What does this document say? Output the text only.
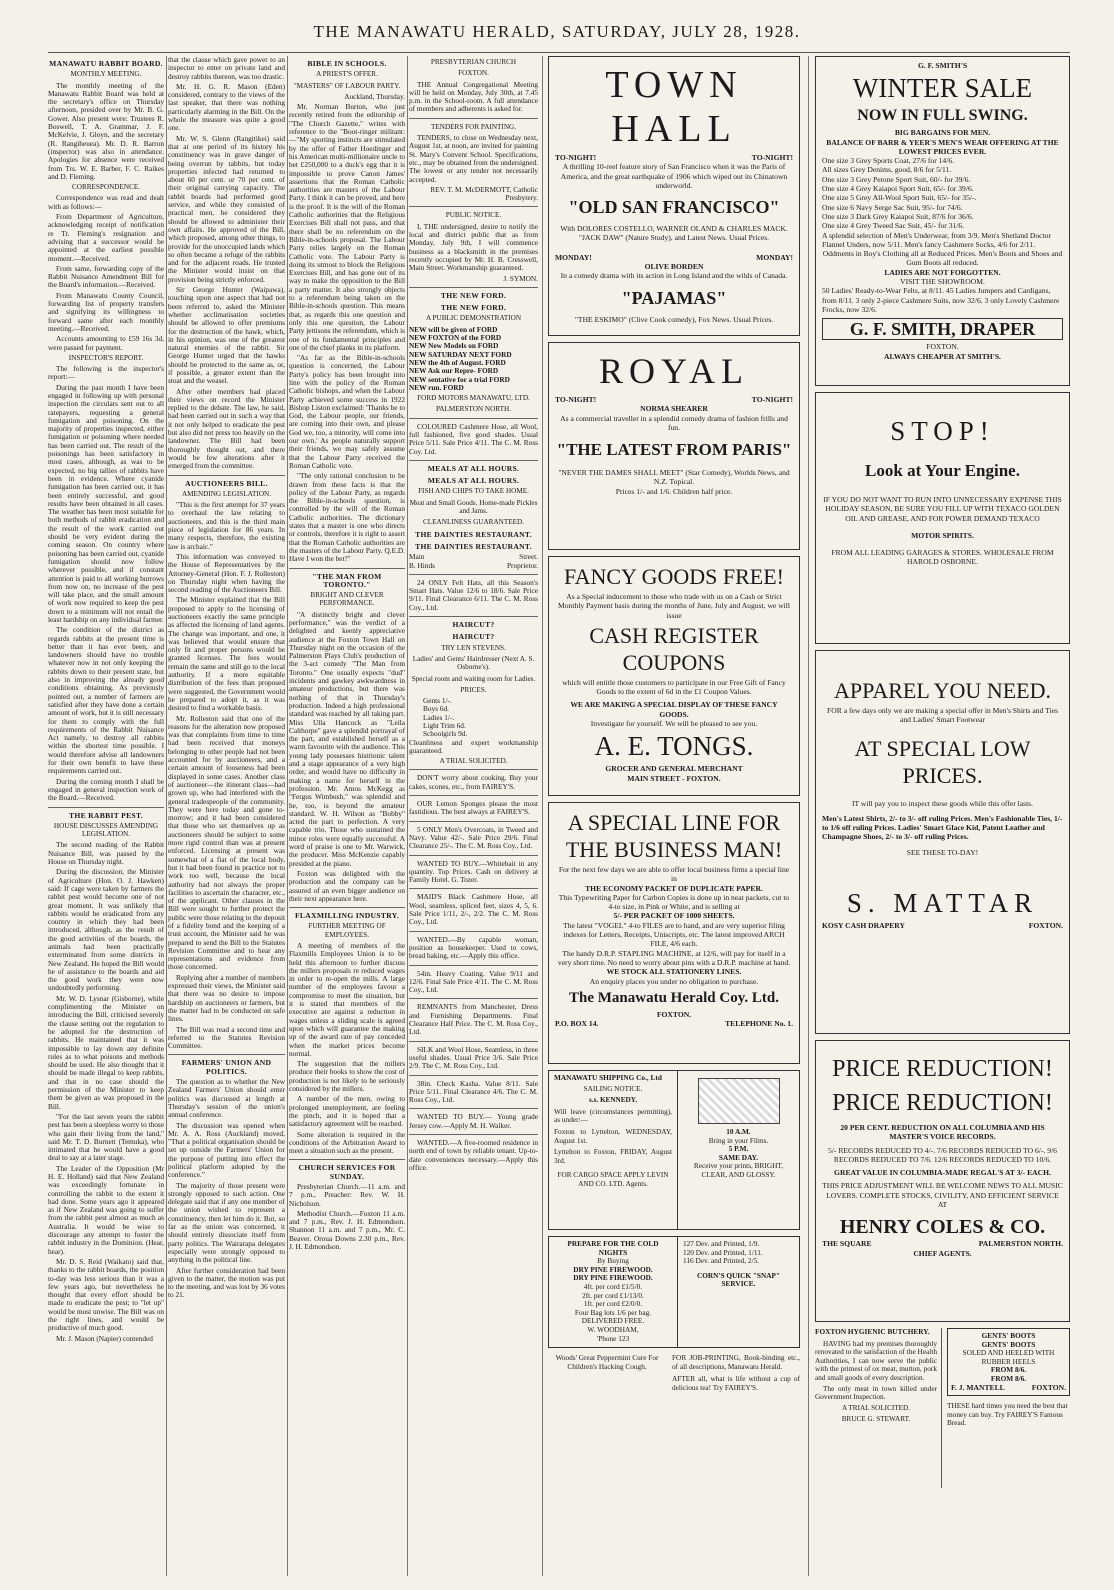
THE MANAWATU HERALD, SATURDAY, JULY 28, 1928.
MANAWATU RABBIT BOARD.
MONTHLY MEETING.

The monthly meeting of the Manawatu Rabbit Board was held at the secretary's office on Thursday afternoon, presided over by Mr. B. G. Gower. Also present were: Trustees R. Boswell, T. A. Grammar, J. F. McKelvie, J. Gloyn, and the secretary (R. Rangiheuea). Mr. D. R. Barron (inspector) was also in attendance. Apologies for absence were received from Trs. W. E. Barber, F. C. Raikes and D. Fleming.

CORRESPONDENCE.

Correspondence was read and dealt with as follows:—

From Department of Agriculture, acknowledging receipt of notification re Tr. Fleming's resignation and advising that a successor would be appointed at the earliest possible moment.—Received.

From same, forwarding copy of the Rabbit Nuisance Amendment Bill for the Board's information.—Received.

From Manawatu County Council, forwarding list of property transfers and signifying its willingness to forward same after each monthly meeting.—Received.

Accounts amounting to £59 16s 3d, were passed for payment.

INSPECTOR'S REPORT.

The following is the inspector's report:—

During the past month I have been engaged in following up with personal inspection the circulars sent out to all ratepayers, requesting a general fumigation and poisoning. On the majority of properties inspected, either fumigation or poisoning where needed has been carried out. The result of the poisonings has been satisfactory in most cases, although, as was to be expected, no big tallies of rabbits have been in evidence. Where cyanide fumigation has been carried out, it has been entirely successful, and good results have been obtained in all cases. The weather has been most suitable for both methods of rabbit eradication and the result of the work carried out should be very evident during the coming season. On country where poisoning has been carried out, cyanide fumigation should now follow wherever possible, and if constant attention is paid to all working burrows from now on, no increase of the pest will take place, and the small amount of work now required to keep the pest down to a minimum will not entail the least hardship on any individual farmer.

The condition of the district as regards rabbits at the present time is better than it has ever been, and landowners should have no trouble whatever now in not only keeping the rabbits down to their present state, but also in improving the already good conditions obtaining. As previously pointed out, a number of farmers are satisfied after they have done a certain amount of work, but it is still necessary for them to comply with the full requirements of the Rabbit Nuisance Act namely, to destroy all rabbits within the shortest time possible. I would therefore advise all landowners for their own benefit to have these requirements carried out.

During the coming month I shall be engaged in general inspection work of the Board.—Received.

THE RABBIT PEST.
HOUSE DISCUSSES AMENDING LEGISLATION.

The second reading of the Rabbit Nuisance Bill, was passed by the House on Thursday night.

During the discussion, the Minister of Agriculture (Hon. O. J. Hawken) said: If cage were taken by farmers the rabbit pest would become one of not great moment. It was unlikely that rabbits would be eradicated from any country in which they had been introduced, although, as the result of the good activities of the boards, the animals had been practically exterminated from some districts in New Zealand. He hoped the Bill would be of assistance to the boards and aid the good work they were now undoubtedly performing.

Mr. W. D. Lysnar (Gisborne), while complimenting the Minister on introducing the Bill, criticised severely the clause setting out the regulation to be adopted for the destruction of rabbits. He maintained that it was impossible to lay down any definite rules as to what poisons and methods should be used. He also thought that it should be made illegal to keep rabbits, and that in no case should the permission of the Minister to keep them be given as was proposed in the Bill.

"For the last seven years the rabbit pest has been a sleepless worry to those who gain their living from the land," said Mr. T. D. Burnett (Temuka), who intimated that he would have a good deal to say at a later stage.

The Leader of the Opposition (Mr H. E. Holland) said that New Zealand was exceedingly fortunate in controlling the rabbit to the extent it had done. Some years ago it appeared as if New Zealand was going to suffer from the rabbit pest almost as much as Australia. It would be wise to discourage any attempt to foster the rabbit industry in the Dominion. (Hear, hear).

Mr. D. S. Reid (Waikato) said that, thanks to the rabbit boards, the position to-day was less serious than it was a few years ago, but nevertheless he thought that every effort should be made to eradicate the pest; to "let up" would be most unwise. The Bill was on the right lines, and would be productive of much good.

Mr. J. Mason (Napier) contended

that the clause which gave power to an inspector to enter on private land and destroy rabbits thereon, was too drastic.

Mr. H. G. R. Mason (Eden) considered, contrary to the views of the last speaker, that there was nothing particularly alarming in the Bill. On the whole the measure was quite a good one.

Mr. W. S. Glenn (Rangitikei) said that at one period of its history his constituency was in grave danger of being overrun by rabbits, but today properties infected had returned to about 60 per cent. or 70 per cent. of their original carrying capacity. The rabbit boards had performed good service, and while they consisted of practical men, he considered they should be allowed to administer their own affairs. He approved of the Bill, which proposed, among other things, to provide for the unoccupied lands which so often became a refuge of the rabbits and for the adjacent roads. He trusted the Minister would insist on that provision being strictly enforced.

Sir George Hunter (Waipawa), touching upon one aspect that had not been referred to, asked the Minister whether acclimatisation societies should be allowed to offer premiums for the destruction of the hawk, which, in his opinion, was one of the greatest natural enemies of the rabbit. Sir George Hunter urged that the hawks should be protected to the same as, or, if possible, a greater extent than the stoat and the weasel.

After other members had placed their views on record the Minister replied to the debate. The law, he said, had been carried out in such a way that it not only helped to eradicate the pest but also did not press too heavily on the landowner. The Bill had been thoroughly thought out, and there would be few alterations after it emerged from the committee.

AUCTIONEERS BILL.
AMENDING LEGISLATION.

"This is the first attempt for 37 years to overhaul the law relating to auctioneers, and this is the third main piece of legislation for 86 years. In many respects, therefore, the existing law is archaic."

This information was conveyed to the House of Representatives by the Attorney-General (Hon. F. J. Rolleston) on Thursday night when having the second reading of the Auctioneers Bill.

The Minister explained that the Bill proposed to apply to the licensing of auctioneers exactly the same principle as affected the licensing of land agents. The change was important, and one, it was believed that would ensure that only fit and proper persons would be granted licenses. The fees would remain the same and still go to the local authority. If a more equitable distribution of the fees than proposed were suggested, the Government would be prepared to adopt it, as it was desired to find a workable basis.

Mr. Rolleston said that one of the reasons for the alteration now proposed was that complaints from time to time had been received that moneys belonging to other people had not been accounted for by auctioneers, and a certain amount of looseness had been displayed in some cases. Another class of auctioneer—the itinerant class—had grown up, who had interfered with the general tradespeople of the community. They were here today and gone to-morrow; and it had been considered that those who set themselves up as auctioneers should be subject to some more rigid control than was at present enforced. Licensing at present was somewhat of a fiat of the local body, but it had been found in practice not to work too well, because the local authority had not always the proper facilities to ascertain the character, etc., of the applicant. Other clauses in the Bill were sought to further protect the public were those relating to the deposit of a fidelity bond and the keeping of a trust account, the Minister said he was prepared to send the Bill to the Statutes Revision Committee and to hear any representations and evidence from those concerned.

Replying after a number of members expressed their views, the Minister said that there was no desire to impose hardship on auctioneers or farmers, but the matter had to be conducted on safe lines.

The Bill was read a second time and referred to the Statutes Revision Committee.

FARMERS' UNION AND POLITICS.

The question as to whether the New Zealand Farmers' Union should enter politics was discussed at length at Thursday's session of the union's annual conference.

The discussion was opened when Mr. A. A. Ross (Auckland) moved, "That a political organisation should be set up outside the Farmers' Union for the purpose of putting into effect the political platform adopted by the conference."

The majority of those present were strongly opposed to such action. One delegate said that if any one member of the union wished to represent a constituency, then let him do it. But, so far as the union was concerned, it should entirely dissociate itself from party politics. The Wairarapa delegates especially were strongly opposed to anything in the political line.

After further consideration had been given to the matter, the motion was put to the meeting, and was lost by 36 votes to 21.

BIBLE IN SCHOOLS.
A PRIEST'S OFFER.
"MASTERS" OF LABOUR PARTY.

Auckland, Thursday.

Mr. Norman Burton, who just recently retired from the editorship of "The Church Gazette," writes with reference to the "Boot-ringer militant:—"My sporting instincts are stimulated by the offer of Father Hoedinger and his American multi-millionaire uncle to bet £250,000 to a duck's egg that it is impossible to prove Canon James' assertions that the Roman Catholic authorities are masters of the Labour Party. I think it can be proved, and here is the proof. It is the will of the Roman Catholic authorities that the Religious Exercises Bill shall not pass, and that there shall be no referendum on the Bible-in-schools proposal. The Labour Party relies largely on the Roman Catholic vote. The Labour Party is doing its utmost to block the Religious Exercises Bill, and has gone out of its way to make the opposition to the Bill a party matter. It also strongly objects to a referendum being taken on the Bible-in-schools question. This means that, as regards this one question and only this one question, the Labour Party jettisons the referendum, which is one of its fundamental principles and one of the chief planks in its platform.

"As far as the Bible-in-schools question is concerned, the Labour Party's policy has been brought into line with the policy of the Roman Catholic bishops, and when the Labour Party achieved some success in 1922 Bishop Liston exclaimed: 'Thanks be to God, the Labour people, our friends, are coming into their own, and please God we, too, a minority, will come into our own.' As people naturally support their friends, we may safely assume that the Labour Party received the Roman Catholic vote.

"The only rational conclusion to be drawn from these facts is that the policy of the Labour Party, as regards the Bible-in-schools question, is controlled by the will of the Roman Catholic authorities. The dictionary states that a master is one who directs or controls, therefore it is right to assert that the Roman Catholic authorities are the masters of the Labour Party. Q.E.D. Have I won the bet?"

"THE MAN FROM TORONTO."
BRIGHT AND CLEVER PERFORMANCE.

"A distinctly bright and clever performance," was the verdict of a delighted and keenly appreciative audience at the Foxton Town Hall on Thursday night on the occasion of the Palmerston Plays Club's production of the 3-act comedy "The Man from Toronto." One usually expects "dud" incidents and gawkey awkwardness in amateur productions, but there was nothing of that in Thursday's production. Indeed a high professional standard was reached by all taking part. Miss Ulla Hancock as "Leila Calthorpe" gave a splendid portrayal of the part, and established herself as a warm favourite with the audience. This young lady possesses histrionic talent and a stage appearance of a very high order, and would have no difficulty in making a name for herself in the profession. Mr. Amos McKegg as "Fergus Wimbush," was splendid and he, too, is beyond the amateur standard. W. H. Wilson as "Bobby" acted the part to perfection. A very capable trio. Those who sustained the minor roles were equally successful. A word of praise is one to Mr. Warwick, the producer. Miss McKenzie capably presided at the piano.

Foxton was delighted with the production and the company can be assured of an even bigger audience on their next appearance here.

FLAXMILLING INDUSTRY.
FURTHER MEETING OF EMPLOYEES.

A meeting of members of the Flaxmills Employees Union is to be held this afternoon to further discuss the millers proposals re reduced wages in order to re-open the mills. A large number of the employees favour a compromise to meet the situation, but it is stated that members of the executive are against a reduction in wages unless a sliding scale is agreed upon which will guarantee the making up of the award rate of pay conceded when the market prices become normal.

The suggestion that the millers produce their books to show the cost of production is not likely to be seriously considered by the millers.

A number of the men, owing to prolonged unemployment, are feeling the pinch, and it is hoped that a satisfactory agreement will be reached.

Some alteration is required in the conditions of the Arbitration Award to meet a situation such as the present.

CHURCH SERVICES FOR SUNDAY.

Presbyterian Church.—11 a.m. and 7 p.m., Preacher: Rev. W. H. Nicholson.

Methodist Church.—Foxton 11 a.m. and 7 p.m., Rev. J. H. Edmondson. Shannon 11 a.m. and 7 p.m., Mr. C. Beaver. Oroua Downs 2.30 p.m., Rev. J. H. Edmondson.

PRESBYTERIAN CHURCH
FOXTON.

THE Annual Congregational Meeting will be held on Monday, July 30th, at 7.45 p.m. in the School-room. A full attendance of members and adherents is asked for.

TENDERS FOR PAINTING.

TENDERS, to close on Wednesday next, August 1st, at noon, are invited for painting St. Mary's Convent School. Specifications, etc., may be obtained from the undersigned. The lowest or any tender not necessarily accepted.

REV. T. M. McDERMOTT, Catholic Presbytery.

PUBLIC NOTICE.

I, THE undersigned, desire to notify the local and district public that as from Monday, July 9th, I will commence business as a blacksmith in the premises recently occupied by Mr. H. B. Cresswell, Main Street. Workmanship guaranteed.

J. SYMON.

THE NEW FORD.
THE NEW FORD.
A PUBLIC DEMONSTRATION
NEW will be given of FORD
NEW FOXTON of the FORD
NEW New Models on FORD
NEW SATURDAY NEXT FORD
NEW the 4th of August. FORD
NEW Ask our Repre- FORD
NEW sentative for a trial FORD
NEW run. FORD
FORD MOTORS MANAWATU, LTD.
PALMERSTON NORTH.

COLOURED Cashmere Hose, all Wool, full fashioned, five good shades. Usual Price 5/11. Sale Price 4/11. The C. M. Ross Coy. Ltd.

MEALS AT ALL HOURS.
MEALS AT ALL HOURS.
FISH AND CHIPS TO TAKE HOME.
Meat and Small Goods. Home-made Pickles and Jams.
CLEANLINESS GUARANTEED.
THE DAINTIES RESTAURANT.
THE DAINTIES RESTAURANT.
Main	Street.
B. Hinds	Proprietor.

24 ONLY Felt Hats, all this Season's Smart Hats. Value 12/6 to 18/6. Sale Price 9/11. Final Clearance 6/11. The C. M. Ross Coy., Ltd.

HAIRCUT?
HAIRCUT?
TRY LEN STEVENS.
Ladies' and Gents' Hairdresser (Next A. S. Osborne's).
Special room and waiting room for Ladies.
PRICES.
Gents 1/-.
Boys 6d.
Ladies 1/-.
Light Trim 6d.
Schoolgirls 9d.
Cleanliness and expert workmanship guaranteed.
A TRIAL SOLICITED.

DON'T worry about cooking. Buy your cakes, scones, etc., from FAIREY'S.

OUR Lemon Sponges please the most fastidious. The best always at FAIREY'S.

5 ONLY Men's Overcoats, in Tweed and Navy. Value 42/-. Sale Price 29/6. Final Clearance 25/-. The C. M. Ross Coy., Ltd.

WANTED TO BUY.—Whitebait in any quantity. Top Prices. Cash on delivery at Family Hotel. G. Tozer.

MAID'S Black Cashmere Hose, all Wool, seamless, spliced feet, sizes 4, 5, 6. Sale Price 1/11, 2/-, 2/2. The C. M. Ross Coy., Ltd.

WANTED.—By capable woman, position as housekeeper. Used to cows, bread baking, etc.—Apply this office.

54in. Heavy Coating. Value 9/11 and 12/6. Final Sale Price 4/11. The C. M. Ross Coy., Ltd.

REMNANTS from Manchester, Dress and Furnishing Departments. Final Clearance Half Price. The C. M. Ross Coy., Ltd.

SILK and Wool Hose, Seamless, in three useful shades. Usual Price 3/6. Sale Price 2/9. The C. M. Ross Coy., Ltd.

38in. Check Kasha. Value 8/11. Sale Price 5/11. Final Clearance 4/6. The C. M. Ross Coy., Ltd.

WANTED TO BUY.— Young grade Jersey cow.—Apply M. H. Walker.

WANTED.—A five-roomed residence in north end of town by reliable tenant. Up-to-date conveniences necessary.—Apply this office.

TOWN HALL
TO-NIGHT!	TO-NIGHT!
A thrilling 10-reel feature story of San Francisco when it was the Paris of America, and the great earthquake of 1906 which wiped out its Chinatown underworld.
"OLD SAN FRANCISCO"
With DOLORES COSTELLO, WARNER OLAND & CHARLES MACK. "JACK DAW" (Nature Study), and Latest News. Usual Prices.
MONDAY!	MONDAY!
OLIVE BORDEN
In a comedy drama with its action in Long Island and the wilds of Canada.
"PAJAMAS"
"THE ESKIMO" (Clive Cook comedy), Fox News. Usual Prices.
ROYAL
TO-NIGHT!	TO-NIGHT!
NORMA SHEARER
As a commercial traveller in a splendid comedy drama of fashion frills and fun.
"THE LATEST FROM PARIS"
"NEVER THE DAMES SHALL MEET" (Star Comedy), Worlds News, and N.Z. Topical.
Prices 1/- and 1/6. Children half price.
FANCY GOODS FREE!
As a Special inducement to those who trade with us on a Cash or Strict Monthly Payment basis during the months of June, July and August, we will issue
CASH REGISTER COUPONS
which will entitle those customers to participate in our Free Gift of Fancy Goods to the extent of 6d in the £1 Coupon Values.
WE ARE MAKING A SPECIAL DISPLAY OF THESE FANCY GOODS.
Investigate for yourself. We will be pleased to see you.
A. E. TONGS.
GROCER AND GENERAL MERCHANT
MAIN STREET - FOXTON.
A SPECIAL LINE FOR THE BUSINESS MAN!
For the next few days we are able to offer local business firms a special line in
THE ECONOMY PACKET OF DUPLICATE PAPER.
This Typewriting Paper for Carbon Copies is done up in neat packets, cut to 4-to size, in Pink or White, and is selling at
5/- PER PACKET OF 1000 SHEETS.
The latest "VOGEL" 4-to FILES are to hand, and are very superior filing indexes for Letters, Receipts, Uniscripts, etc. The latest improved ARCH FILE, 4/6 each.
The handy D.R.P. STAPLING MACHINE, at 12/6, will pay for itself in a very short time. No need to worry about pins with a D.R.P. machine at hand.
WE STOCK ALL STATIONERY LINES.
An enquiry places you under no obligation to purchase.
The Manawatu Herald Coy. Ltd.
FOXTON.
P.O. BOX 14.	TELEPHONE No. 1.
MANAWATU SHIPPING Co., Ltd
SAILING NOTICE.
s.s. KENNEDY.
Will leave (circumstances permitting), as under:—
Foxton to Lyttelton, WEDNESDAY, August 1st.
Lyttelton to Foxton, FRIDAY, August 3rd.
FOR CARGO SPACE APPLY LEVIN AND CO. LTD. Agents.
10 A.M.
Bring in your Films.
5 P.M.
SAME DAY.
Receive your prints, BRIGHT, CLEAR, AND GLOSSY.
PREPARE FOR THE COLD NIGHTS
By Buying
DRY PINE FIREWOOD.
DRY PINE FIREWOOD.
4ft. per cord £1/5/0.
2ft. per cord £1/13/0.
1ft. per cord £2/0/0.
Four Bag lots 1/6 per bag.
DELIVERED FREE.
W. WOODHAM,
'Phone 123
127 Dev. and Printed, 1/9.
120 Dev. and Printed, 1/11.
116 Dev. and Printed, 2/5.
CORN'S QUICK "SNAP" SERVICE.
Woods' Great Peppermint Cure For Children's Hacking Cough.
FOR JOB-PRINTING, Book-binding etc., of all descriptions, Manawatu Herald.
AFTER all, what is life without a cup of delicious tea! Try FAIREY'S.
G. F. SMITH'S
WINTER SALE
NOW IN FULL SWING.
BIG BARGAINS FOR MEN.
BALANCE OF BARR & YEER'S MEN'S WEAR OFFERING AT THE LOWEST PRICES EVER.
One size 3 Grey Sports Coat, 27/6 for 14/6.
All sizes Grey Denims, good, 8/6 for 5/11.
One size 3 Grey Petone Sport Suit, 60/- for 39/6.
One size 4 Grey Kaiapoi Sport Suit, 65/- for 39/6.
One size 5 Grey All-Wool Sport Suit, 65/- for 35/-.
One size 6 Navy Serge Sac Suit, 95/- for 74/6.
One size 3 Dark Grey Kaiapoi Suit, 87/6 for 36/6.
One size 4 Grey Tweed Sac Suit, 45/- for 31/6.
A splendid selection of Men's Underwear, from 3/9. Men's Shetland Doctor Flannel Unders, now 5/11. Men's fancy Cashmere Socks, 4/6 for 2/11.
Oddments in Boy's Clothing all at Reduced Prices. Men's Boots and Shoes and Gum Boots all reduced.
LADIES ARE NOT FORGOTTEN.
VISIT THE SHOWROOM.
50 Ladies' Ready-to-Wear Felts, at 8/11. 45 Ladies Jumpers and Cardigans, from 8/11. 3 only 2-piece Cashmere Suits, now 32/6. 3 only Lovely Cashmere Frocks, now 32/6.
G. F. SMITH, DRAPER
FOXTON.
ALWAYS CHEAPER AT SMITH'S.
STOP!
Look at Your Engine.
IF YOU DO NOT WANT TO RUN INTO UNNECESSARY EXPENSE THIS HOLIDAY SEASON, BE SURE YOU FILL UP WITH TEXACO GOLDEN OIL AND GREASE, AND FOR POWER DEMAND TEXACO
MOTOR SPIRITS.
FROM ALL LEADING GARAGES & STORES. WHOLESALE FROM HAROLD OSBORNE.
APPAREL YOU NEED.
FOR a few days only we are making a special offer in Men's Shirts and Ties and Ladies' Smart Footwear
AT SPECIAL LOW PRICES.
IT will pay you to inspect these goods while this offer lasts.
Men's Latest Shirts, 2/- to 3/- off ruling Prices. Men's Fashionable Ties, 1/- to 1/6 off ruling Prices. Ladies' Smart Glace Kid, Patent Leather and Champagne Shoes, 2/- to 3/- off ruling Prices.
SEE THESE TO-DAY!
S. MATTAR
KOSY CASH DRAPERY	FOXTON.
PRICE REDUCTION!
PRICE REDUCTION!
20 PER CENT. REDUCTION ON ALL COLUMBIA AND HIS MASTER'S VOICE RECORDS.
5/- RECORDS REDUCED TO 4/-. 7/6 RECORDS REDUCED TO 6/-. 9/6 RECORDS REDUCED TO 7/6. 12/6 RECORDS REDUCED TO 10/6.
GREAT VALUE IN COLUMBIA-MADE REGAL'S AT 3/- EACH.
THIS PRICE ADJUSTMENT WILL BE WELCOME NEWS TO ALL MUSIC LOVERS. COMPLETE STOCKS, CIVILITY, AND EFFICIENT SERVICE AT
HENRY COLES & CO.
THE SQUARE	PALMERSTON NORTH.
CHIEF AGENTS.
FOXTON HYGIENIC BUTCHERY.

HAVING had my premises thoroughly renovated to the satisfaction of the Health Authorities, I can now serve the public with the primest of ox meat, mutton, pork and small goods of every description.

The only meat in town killed under Government Inspection.

A TRIAL SOLICITED.
BRUCE G. STEWART.
GENTS' BOOTS
GENTS' BOOTS
SOLED AND HEELED WITH RUBBER HEELS
FROM 8/6.
FROM 8/6.
F. J. MANTELL	FOXTON.
THESE hard times you need the best that money can buy. Try FAIREY'S Famous Bread.
